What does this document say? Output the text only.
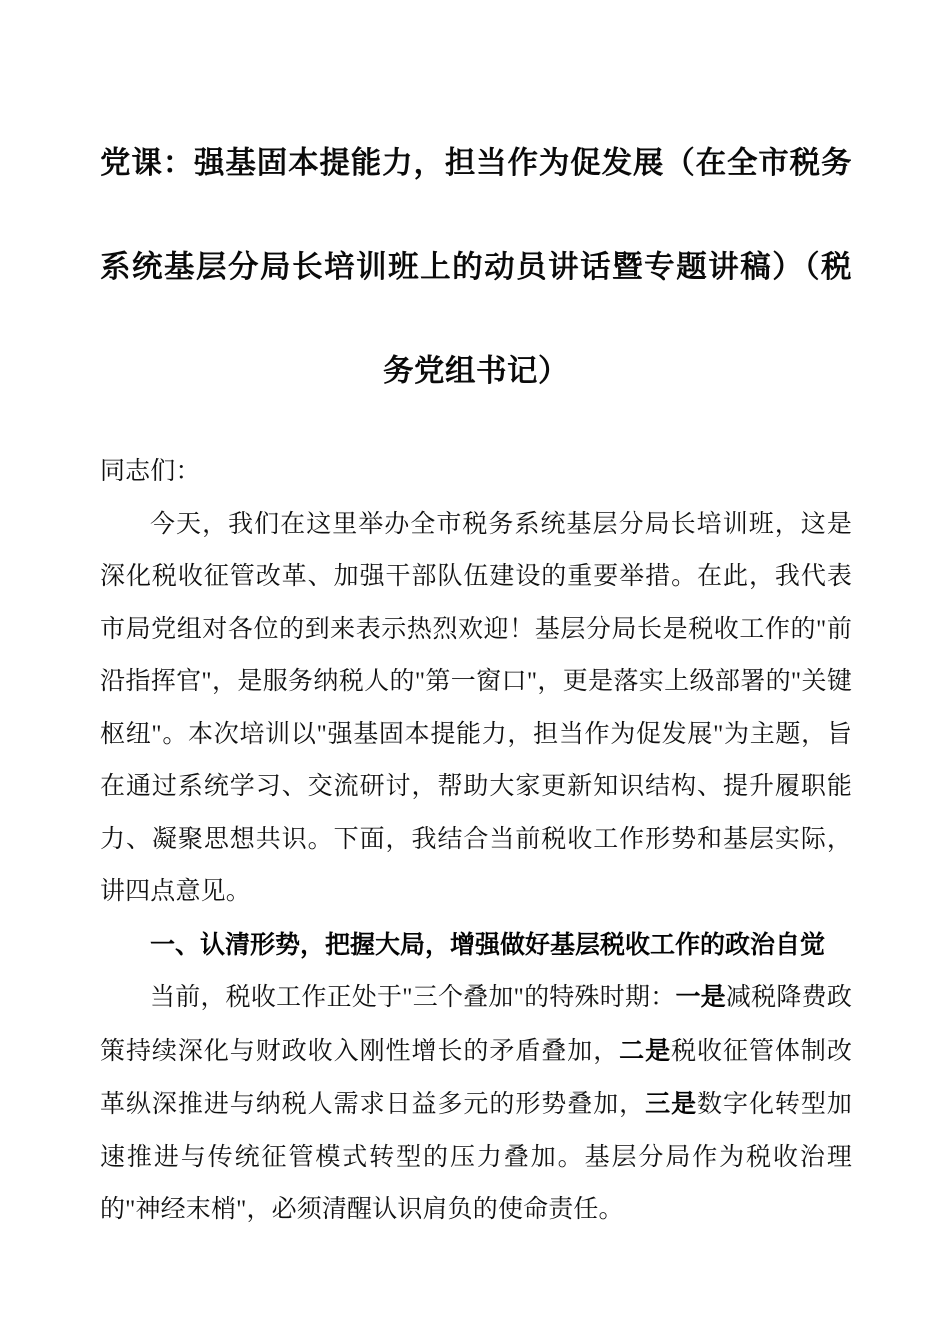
党课：强基固本提能力，担当作为促发展（在全市税务系统基层分局长培训班上的动员讲话暨专题讲稿）（税务党组书记）

同志们：

今天，我们在这里举办全市税务系统基层分局长培训班，这是深化税收征管改革、加强干部队伍建设的重要举措。在此，我代表市局党组对各位的到来表示热烈欢迎！基层分局长是税收工作的"前沿指挥官"，是服务纳税人的"第一窗口"，更是落实上级部署的"关键枢纽"。本次培训以"强基固本提能力，担当作为促发展"为主题，旨在通过系统学习、交流研讨，帮助大家更新知识结构、提升履职能力、凝聚思想共识。下面，我结合当前税收工作形势和基层实际，讲四点意见。

一、认清形势，把握大局，增强做好基层税收工作的政治自觉

当前，税收工作正处于"三个叠加"的特殊时期：一是减税降费政策持续深化与财政收入刚性增长的矛盾叠加，二是税收征管体制改革纵深推进与纳税人需求日益多元的形势叠加，三是数字化转型加速推进与传统征管模式转型的压力叠加。基层分局作为税收治理的"神经末梢"，必须清醒认识肩负的使命责任。
